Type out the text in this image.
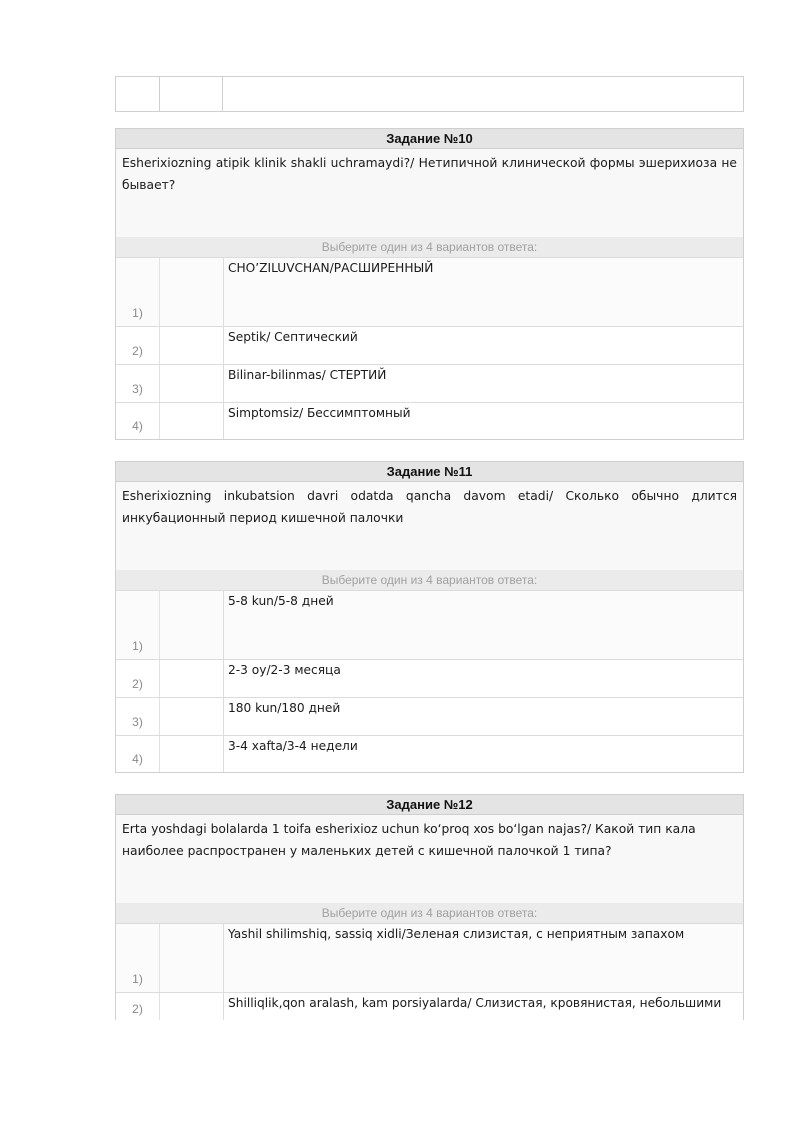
Задание №10
Esherixiozning atipik klinik shakli uchramaydi?/ Нетипичной клинической формы эшерихиоза не бывает?
Выберите один из 4 вариантов ответа:
1)
CHO’ZILUVCHAN/РАСШИРЕННЫЙ
2)
Septik/ Септический
3)
Bilinar-bilinmas/ СТЕРТИЙ
4)
Simptomsiz/ Бессимптомный
Задание №11
Esherixiozning inkubatsion davri odatda qancha davom etadi/ Сколько обычно длится инкубационный период кишечной палочки
Выберите один из 4 вариантов ответа:
1)
5-8 kun/5-8 дней
2)
2-3 oy/2-3 месяца
3)
180 kun/180 дней
4)
3-4 xafta/3-4 недели
Задание №12
Erta yoshdagi bolalarda 1 toifa esherixioz uchun koʻproq xos boʻlgan najas?/ Какой тип кала наиболее распространен у маленьких детей с кишечной палочкой 1 типа?
Выберите один из 4 вариантов ответа:
1)
Yashil shilimshiq, sassiq xidli/Зеленая слизистая, с неприятным запахом
2)	Shilliqlik,qon aralash, kam porsiyalarda/ Слизистая, кровянистая, небольшими
